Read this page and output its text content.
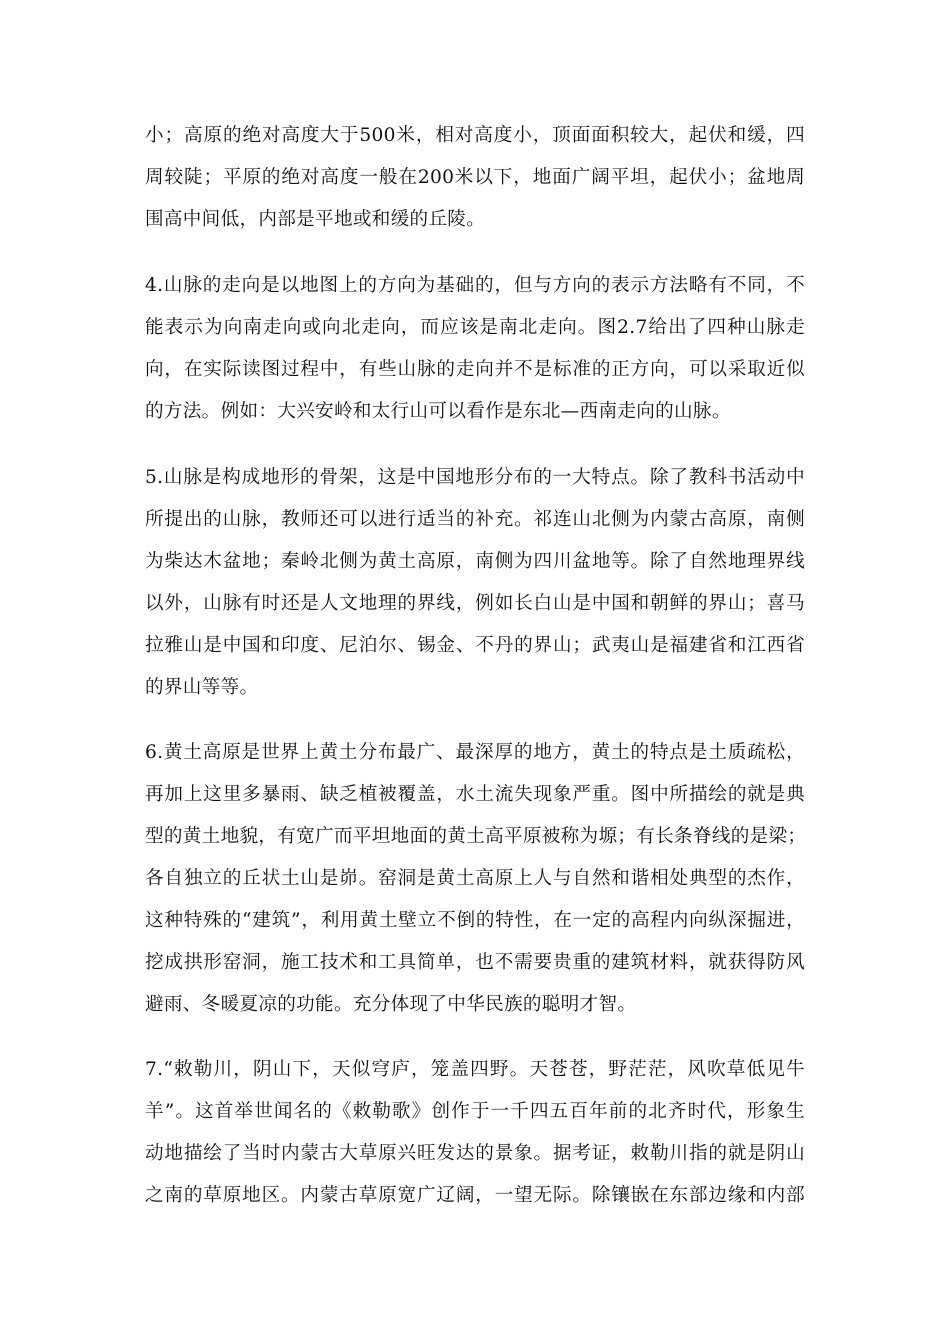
小；高原的绝对高度大于500米，相对高度小，顶面面积较大，起伏和缓，四
周较陡；平原的绝对高度一般在200米以下，地面广阔平坦，起伏小；盆地周
围高中间低，内部是平地或和缓的丘陵。
4.山脉的走向是以地图上的方向为基础的，但与方向的表示方法略有不同，不
能表示为向南走向或向北走向，而应该是南北走向。图2.7给出了四种山脉走
向，在实际读图过程中，有些山脉的走向并不是标准的正方向，可以采取近似
的方法。例如：大兴安岭和太行山可以看作是东北—西南走向的山脉。
5.山脉是构成地形的骨架，这是中国地形分布的一大特点。除了教科书活动中
所提出的山脉，教师还可以进行适当的补充。祁连山北侧为内蒙古高原，南侧
为柴达木盆地；秦岭北侧为黄土高原，南侧为四川盆地等。除了自然地理界线
以外，山脉有时还是人文地理的界线，例如长白山是中国和朝鲜的界山；喜马
拉雅山是中国和印度、尼泊尔、锡金、不丹的界山；武夷山是福建省和江西省
的界山等等。
6.黄土高原是世界上黄土分布最广、最深厚的地方，黄土的特点是土质疏松，
再加上这里多暴雨、缺乏植被覆盖，水土流失现象严重。图中所描绘的就是典
型的黄土地貌，有宽广而平坦地面的黄土高平原被称为塬；有长条脊线的是梁；
各自独立的丘状土山是峁。窑洞是黄土高原上人与自然和谐相处典型的杰作，
这种特殊的“建筑”，利用黄土壁立不倒的特性，在一定的高程内向纵深掘进，
挖成拱形窑洞，施工技术和工具简单，也不需要贵重的建筑材料，就获得防风
避雨、冬暖夏凉的功能。充分体现了中华民族的聪明才智。
7.“敕勒川，阴山下，天似穹庐，笼盖四野。天苍苍，野茫茫，风吹草低见牛
羊”。这首举世闻名的《敕勒歌》创作于一千四五百年前的北齐时代，形象生
动地描绘了当时内蒙古大草原兴旺发达的景象。据考证，敕勒川指的就是阴山
之南的草原地区。内蒙古草原宽广辽阔，一望无际。除镶嵌在东部边缘和内部
